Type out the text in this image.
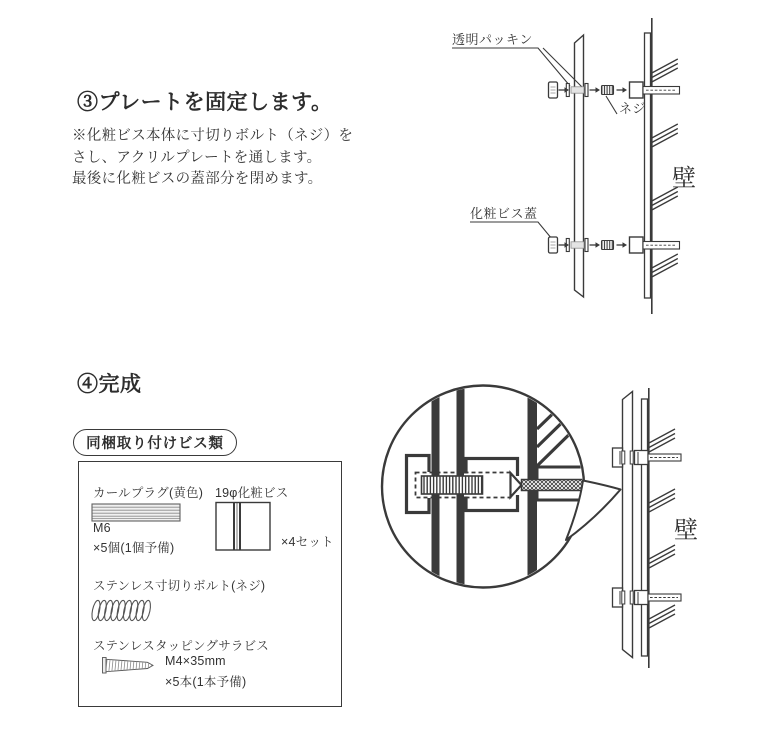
③プレートを固定します。
※化粧ビス本体に寸切りボルト（ネジ）を
さし、アクリルプレートを通します。
最後に化粧ビスの蓋部分を閉めます。
④完成
同梱取り付けビス類
カールプラグ(黄色)
M6
×5個(1個予備)
19φ化粧ビス
×4セット
ステンレス寸切りボルト(ネジ)
ステンレスタッピングサラビス
M4×35mm
×5本(1本予備)
透明パッキン
化粧ビス蓋
ネジ
壁
壁
